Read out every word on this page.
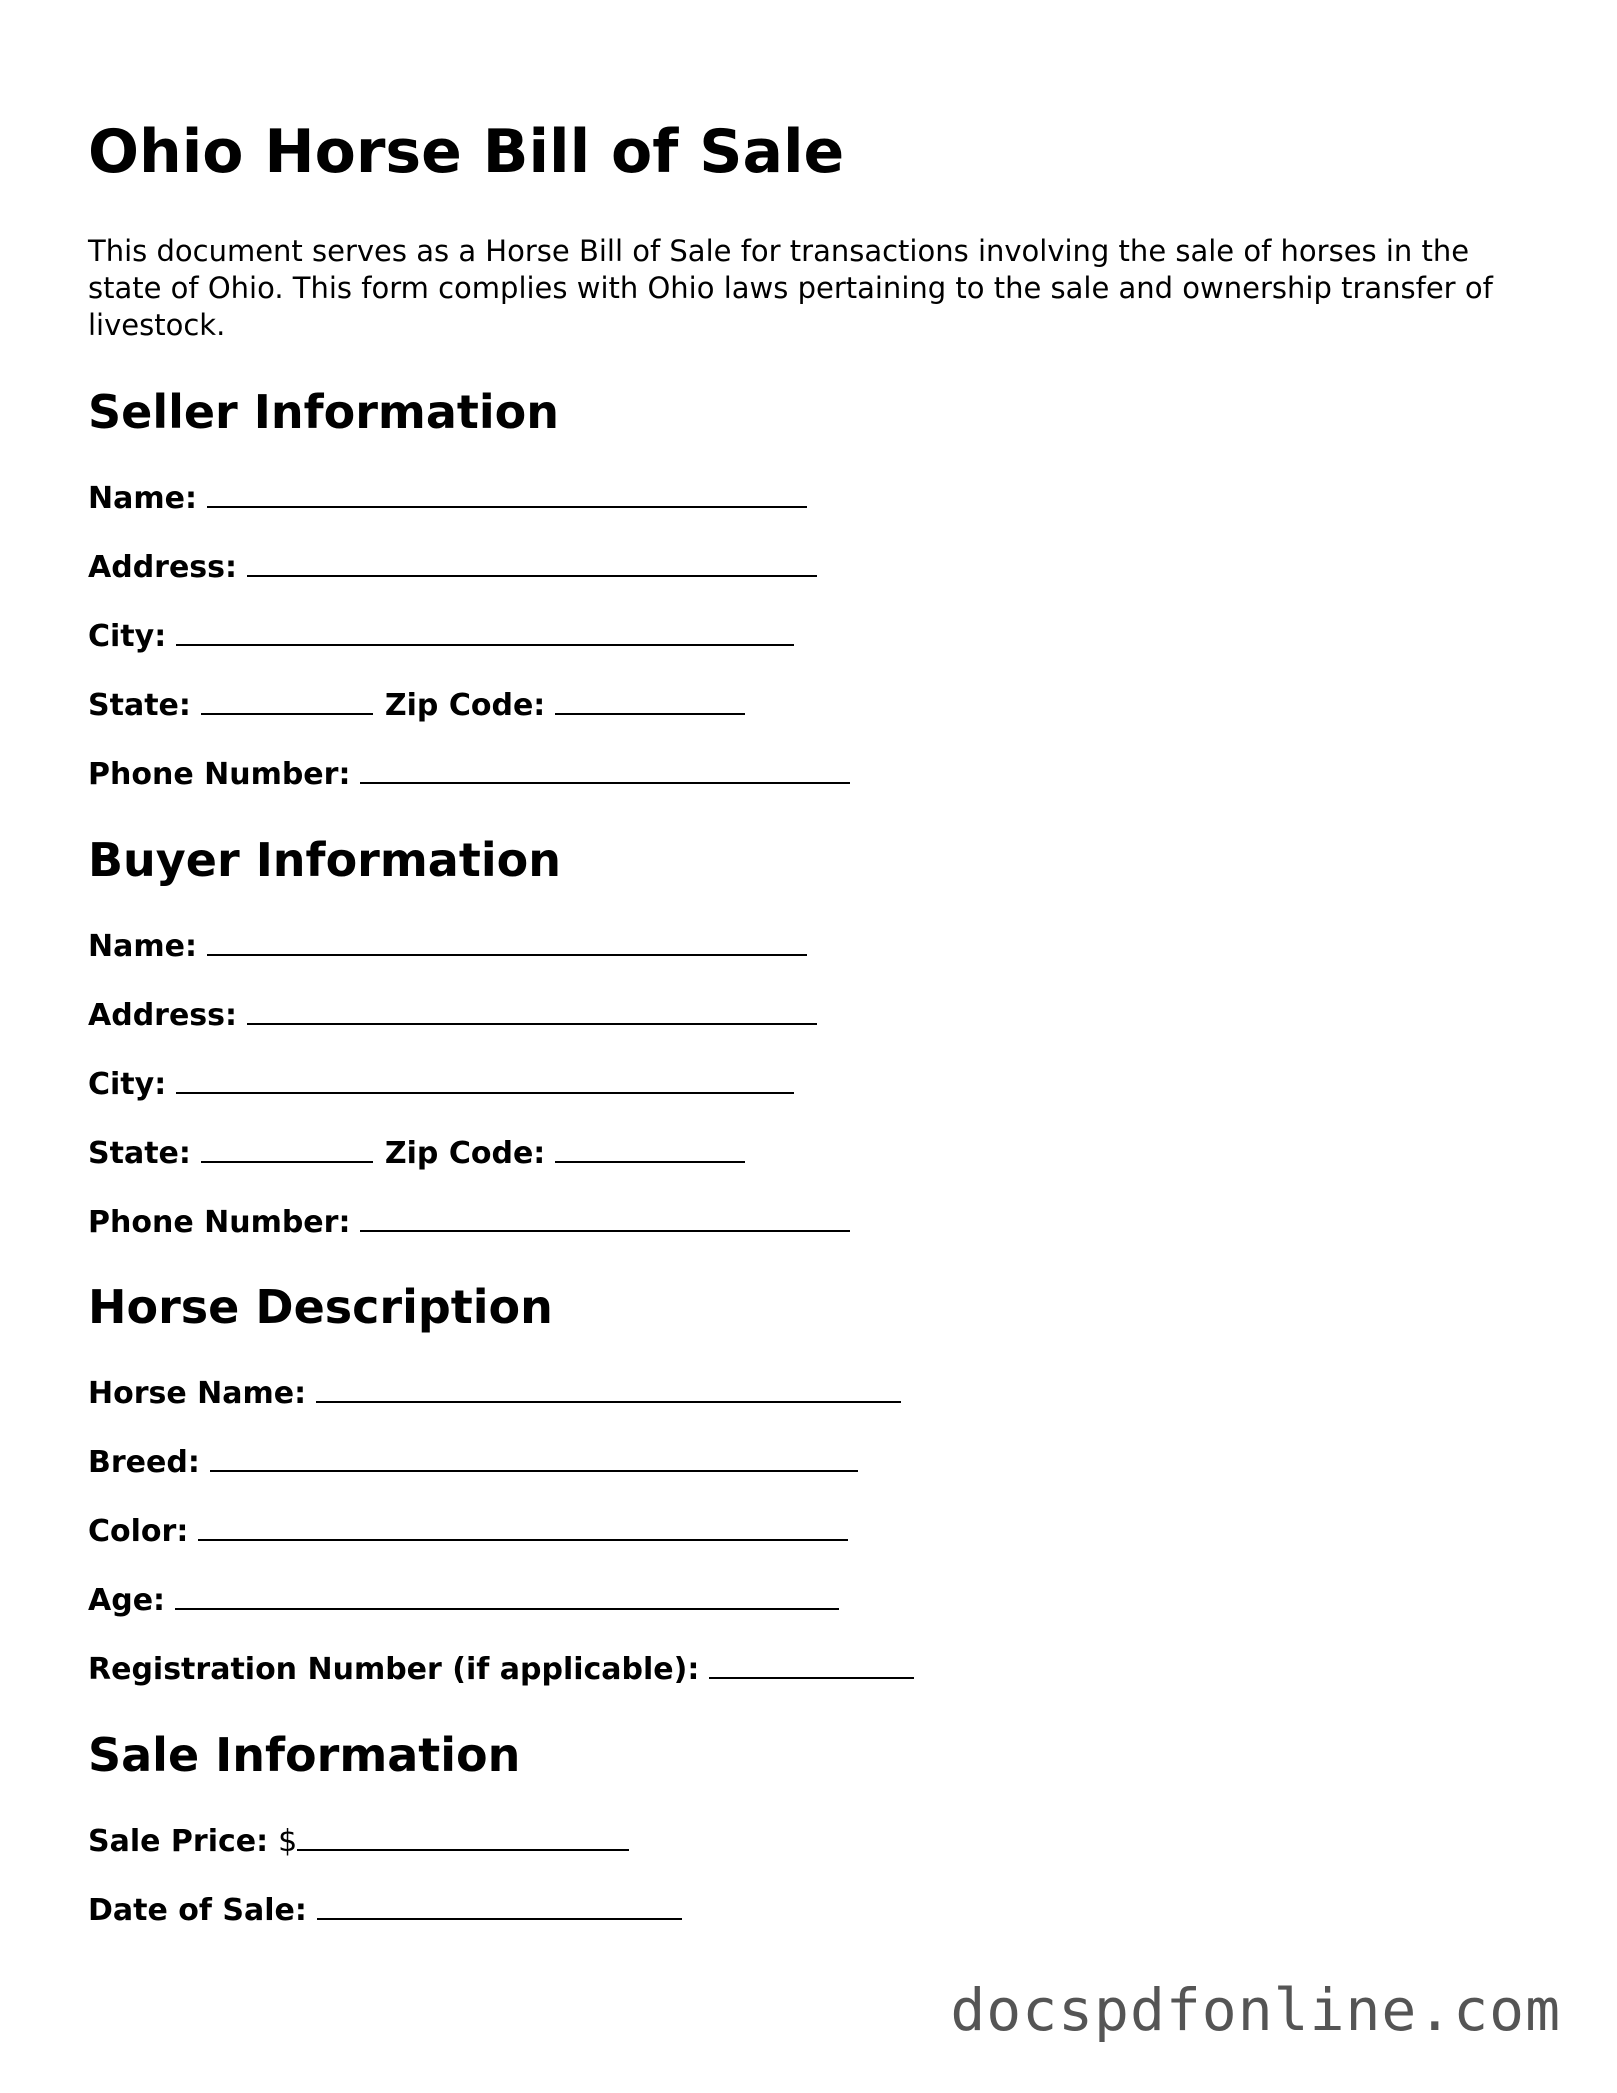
Ohio Horse Bill of Sale

This document serves as a Horse Bill of Sale for transactions involving the sale of horses in the state of Ohio. This form complies with Ohio laws pertaining to the sale and ownership transfer of livestock.

Seller Information
Name:
Address:
City:
State:	Zip Code:
Phone Number:
Buyer Information
Name:
Address:
City:
State:	Zip Code:
Phone Number:
Horse Description
Horse Name:
Breed:
Color:
Age:
Registration Number (if applicable):
Sale Information
Sale Price: $
Date of Sale:
docspdfonline.com
